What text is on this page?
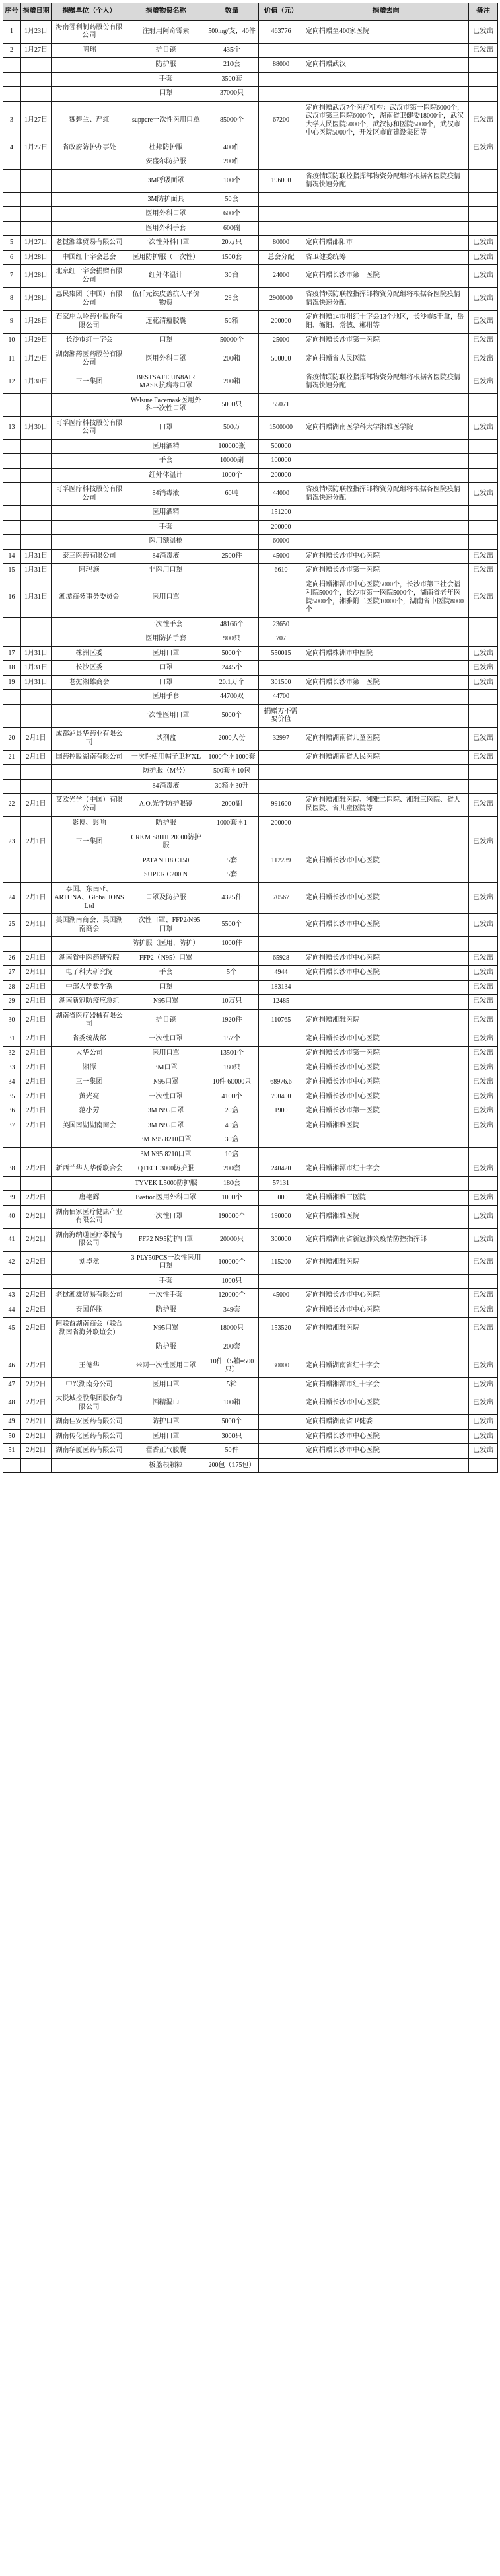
序号	捐赠日期	捐赠单位（个人）	捐赠物资名称	数量	价值（元）	捐赠去向	备注
1	1月23日	海南誉利制药股份有限公司	注射用阿奇霉素	500mg/支，40件	463776	定向捐赠至400家医院	已发出
2	1月27日	明瑞	护目镜	435个			已发出
			防护服	210套	88000	定向捐赠武汉	
			手套	3500套			
			口罩	37000只			
3	1月27日	魏碧兰、严红	suppere一次性医用口罩	85000个	67200	定向捐赠武汉7个医疗机构：武汉市第一医院6000个，武汉市第三医院6000个，湖南省卫健委18000个，武汉大学人民医院5000个，武汉协和医院5000个，武汉市中心医院5000个，开发区市商建设集团等	已发出
4	1月27日	省政府防护办事处	杜邦防护服	400件			已发出
			安盛尔防护服	200件			
			3M呼吸面罩	100个	196000	省疫情联防联控指挥部物资分配组将根据各医院疫情情况快速分配	
			3M防护面具	50套			
			医用外科口罩	600个			
			医用外科手套	600副			
5	1月27日	老挝湘雄贸易有限公司	一次性外科口罩	20万只	80000	定向捐赠邵阳市	已发出
6	1月28日	中国红十字会总会	医用防护服（一次性）	1500套	总会分配	省卫健委统筹	已发出
7	1月28日	北京红十字会捐赠有限公司	红外体温计	30台	24000	定向捐赠长沙市第一医院	已发出
8	1月28日	惠民集团（中国）有限公司	伍仟元铁皮盖抗人平价物资	29套	2900000	省疫情联防联控指挥部物资分配组将根据各医院疫情情况快速分配	已发出
9	1月28日	石家庄以岭药业股份有限公司	连花清瘟胶囊	50箱	200000	定向捐赠14市州红十字会13个地区，长沙市5千盒，岳阳、衡阳、常德、郴州等	已发出
10	1月29日	长沙市红十字会	口罩	50000个	25000	定向捐赠长沙市第一医院	已发出
11	1月29日	湖南湘药医药股份有限公司	医用外科口罩	200箱	500000	定向捐赠省人民医院	已发出
12	1月30日	三一集团	BESTSAFE UN8AIR MASK抗病毒口罩	200箱		省疫情联防联控指挥部物资分配组将根据各医院疫情情况快速分配	已发出
			Welsure Facemask医用外科一次性口罩	5000只	55071		
13	1月30日	可孚医疗科技股份有限公司	口罩	500万	1500000	定向捐赠湖南医学科大学湘雅医学院	已发出
			医用酒精	100000瓶	500000		
			手套	10000副	100000		
			红外体温计	1000个	200000		
		可孚医疗科技股份有限公司	84消毒液	60吨	44000	省疫情联防联控指挥部物资分配组将根据各医院疫情情况快速分配	已发出
			医用酒精		151200		
			手套		200000		
			医用额温枪		60000		
14	1月31日	泰三医药有限公司	84消毒液	2500件	45000	定向捐赠长沙市中心医院	已发出
15	1月31日	阿玛施	非医用口罩		6610	定向捐赠长沙市第一医院	已发出
16	1月31日	湘潭商务事务委员会	医用口罩			定向捐赠湘潭市中心医院5000个，长沙市第三社会福利院5000个，长沙市第一医院5000个，湖南省老年医院5000个，湘雅附二医院10000个，湖南省中医院8000个	已发出
			一次性手套	48166个	23650		
			医用防护手套	900只	707		
17	1月31日	株洲区委	医用口罩	5000个	550015	定向捐赠株洲市中医院	已发出
18	1月31日	长沙区委	口罩	2445个			已发出
19	1月31日	老挝湘雄商会	口罩	20.1万个	301500	定向捐赠长沙市第一医院	已发出
			医用手套	44700双	44700		
			一次性医用口罩	5000个	捐赠方不需要价值		
20	2月1日	成都泸县华药业有限公司	试剂盒	2000人份	32997	定向捐赠湖南省儿童医院	已发出
21	2月1日	国药控股湖南有限公司	一次性使用帽子卫材XL	1000个＊1000套		定向捐赠湖南省人民医院	已发出
			防护服（M号）	500套＊10包			
			84消毒液	30箱＊30升			
22	2月1日	艾欧光学（中国）有限公司	A.O.光学防护眼镜	2000副	991600	定向捐赠湘雅医院、湘雅二医院、湘雅三医院、省人民医院、省儿童医院等	已发出
		影博、影响	防护服	1000套＊1	200000		
23	2月1日	三一集团	CRKM S8IHL20000防护服				已发出
			PATAN H8 C150	5套	112239	定向捐赠长沙市中心医院	
			SUPER C200 N	5套			
24	2月1日	泰国、东南亚、ARTUNA、Global IONS Ltd	口罩及防护服	4325件	70567	定向捐赠长沙市中心医院	已发出
25	2月1日	美国湖南商会、英国湖南商会	一次性口罩、FFP2/N95口罩	5500个		定向捐赠长沙市中心医院	已发出
			防护服（医用、防护）	1000件			
26	2月1日	湖南省中医药研究院	FFP2（N95）口罩		65928	定向捐赠长沙市中心医院	已发出
27	2月1日	电子科大研究院	手套	5个	4944	定向捐赠长沙市中心医院	已发出
28	2月1日	中部大学数学系	口罩		183134		已发出
29	2月1日	湖南新冠防疫应急组	N95口罩	10万只	12485		已发出
30	2月1日	湖南省医疗器械有限公司	护目镜	1920件	110765	定向捐赠湘雅医院	已发出
31	2月1日	省委统战部	一次性口罩	157个		定向捐赠长沙市中心医院	已发出
32	2月1日	大华公司	医用口罩	13501个		定向捐赠长沙市第一医院	已发出
33	2月1日	湘潭	3M口罩	180只		定向捐赠长沙市中心医院	已发出
34	2月1日	三一集团	N95口罩	10件 60000只	68976.6	定向捐赠长沙市中心医院	已发出
35	2月1日	黄光亮	一次性口罩	4100个	790400	定向捐赠长沙市中心医院	已发出
36	2月1日	范小芳	3M N95口罩	20盒	1900	定向捐赠长沙市第一医院	已发出
37	2月1日	美国南湖湖南商会	3M N95口罩	40盒		定向捐赠湘雅医院	已发出
			3M N95 8210口罩	30盒			
			3M N95 8210口罩	10盒			
38	2月2日	新西兰华人华侨联合会	QTECH3000防护服	200套	240420	定向捐赠湘潭市红十字会	已发出
			TYVEK L5000防护服	180套	57131		
39	2月2日	唐艳辉	Bastion医用外科口罩	1000个	5000	定向捐赠湘雅三医院	已发出
40	2月2日	湖南佰家医疗健康产业有限公司	一次性口罩	190000个	190000	定向捐赠湘雅医院	已发出
41	2月2日	湖南海纳通医疗器械有限公司	FFP2 N95防护口罩	20000只	300000	定向捐赠湖南省新冠肺炎疫情防控指挥部	已发出
42	2月2日	刘卓然	3-PLY50PCS一次性医用口罩	100000个	115200	定向捐赠湘雅医院	已发出
			手套	1000只			
43	2月2日	老挝湘雄贸易有限公司	一次性手套	120000个	45000	定向捐赠长沙市中心医院	已发出
44	2月2日	泰国侨胞	防护服	349套		定向捐赠长沙市中心医院	已发出
45	2月2日	阿联酋湖南商会（联合湖南省海外联谊会）	N95口罩	18000只	153520	定向捐赠湘雅医院	已发出
			防护服	200套			
46	2月2日	王德华	米网一次性医用口罩	10件（5箱=500只）	30000	定向捐赠湖南省红十字会	已发出
47	2月2日	中兴湖南分公司	医用口罩	5箱		定向捐赠湘潭市红十字会	已发出
48	2月2日	大悦城控股集团股份有限公司	酒精湿巾	100箱		定向捐赠长沙市中心医院	已发出
49	2月2日	湖南佳安医药有限公司	防护口罩	5000个		定向捐赠湖南省卫健委	已发出
50	2月2日	湖南传化医药有限公司	医用口罩	3000只		定向捐赠长沙市中心医院	已发出
51	2月2日	湖南华厦医药有限公司	藿香正气胶囊	50件		定向捐赠长沙市中心医院	已发出
			板蓝根颗粒	200包（175包）			
